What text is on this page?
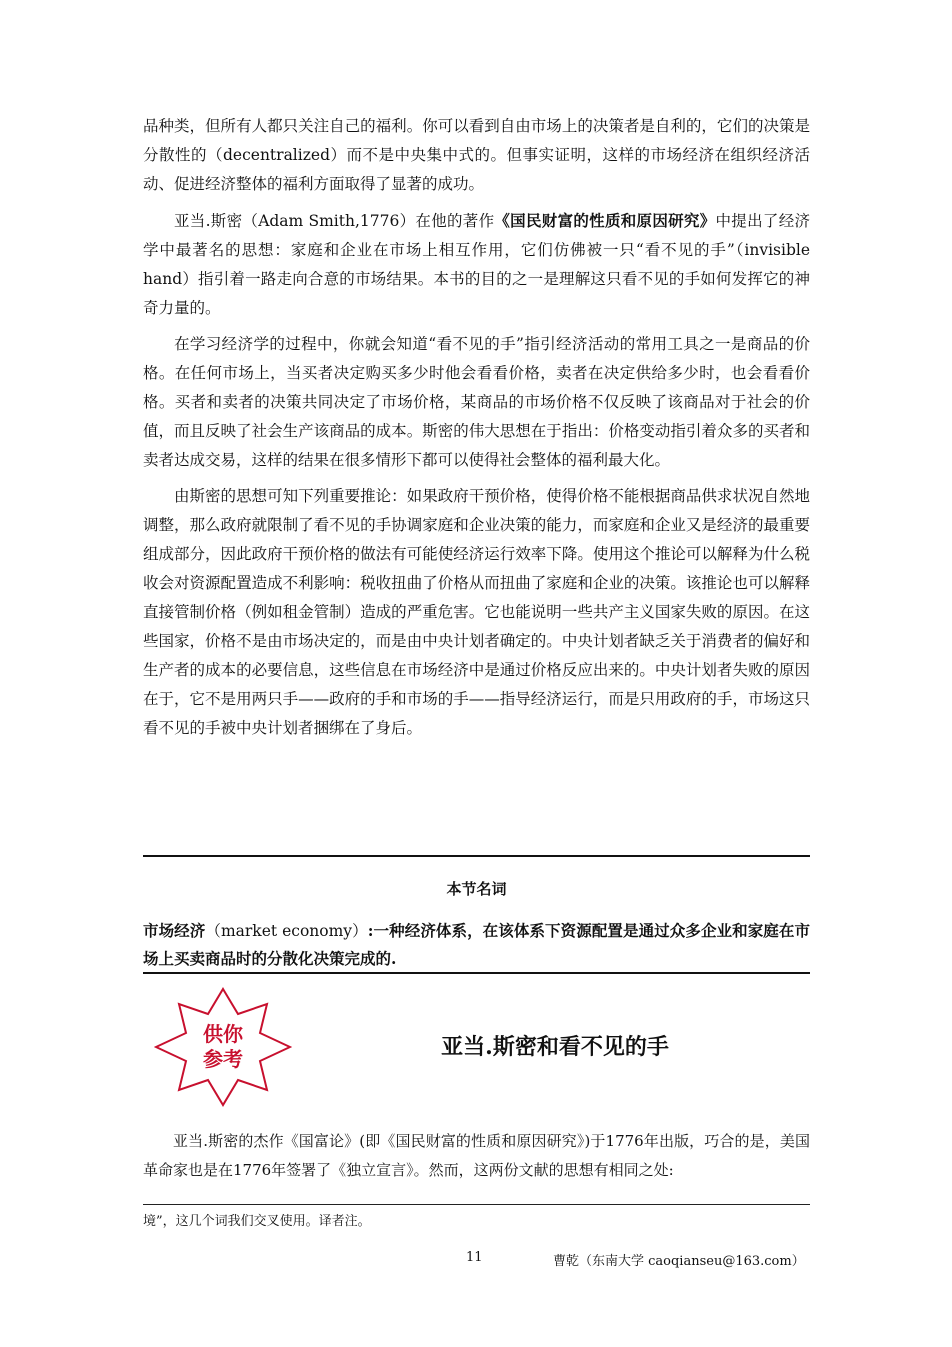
品种类，但所有人都只关注自己的福利。你可以看到自由市场上的决策者是自利的，它们的决策是分散性的（decentralized）而不是中央集中式的。但事实证明，这样的市场经济在组织经济活动、促进经济整体的福利方面取得了显著的成功。

亚当.斯密（Adam Smith,1776）在他的著作《国民财富的性质和原因研究》中提出了经济学中最著名的思想：家庭和企业在市场上相互作用，它们仿佛被一只“看不见的手”（invisible hand）指引着一路走向合意的市场结果。本书的目的之一是理解这只看不见的手如何发挥它的神奇力量的。

在学习经济学的过程中，你就会知道“看不见的手”指引经济活动的常用工具之一是商品的价格。在任何市场上，当买者决定购买多少时他会看看价格，卖者在决定供给多少时，也会看看价格。买者和卖者的决策共同决定了市场价格，某商品的市场价格不仅反映了该商品对于社会的价值，而且反映了社会生产该商品的成本。斯密的伟大思想在于指出：价格变动指引着众多的买者和卖者达成交易，这样的结果在很多情形下都可以使得社会整体的福利最大化。

由斯密的思想可知下列重要推论：如果政府干预价格，使得价格不能根据商品供求状况自然地调整，那么政府就限制了看不见的手协调家庭和企业决策的能力，而家庭和企业又是经济的最重要组成部分，因此政府干预价格的做法有可能使经济运行效率下降。使用这个推论可以解释为什么税收会对资源配置造成不利影响：税收扭曲了价格从而扭曲了家庭和企业的决策。该推论也可以解释直接管制价格（例如租金管制）造成的严重危害。它也能说明一些共产主义国家失败的原因。在这些国家，价格不是由市场决定的，而是由中央计划者确定的。中央计划者缺乏关于消费者的偏好和生产者的成本的必要信息，这些信息在市场经济中是通过价格反应出来的。中央计划者失败的原因在于，它不是用两只手——政府的手和市场的手——指导经济运行，而是只用政府的手，市场这只看不见的手被中央计划者捆绑在了身后。

本节名词
市场经济（market economy）:一种经济体系，在该体系下资源配置是通过众多企业和家庭在市场上买卖商品时的分散化决策完成的.
供你
参考	亚当.斯密和看不见的手

亚当.斯密的杰作《国富论》(即《国民财富的性质和原因研究》)于1776年出版，巧合的是，美国革命家也是在1776年签署了《独立宣言》。然而，这两份文献的思想有相同之处:

境”，这几个词我们交叉使用。译者注。
11	曹乾（东南大学 caoqianseu@163.com）
